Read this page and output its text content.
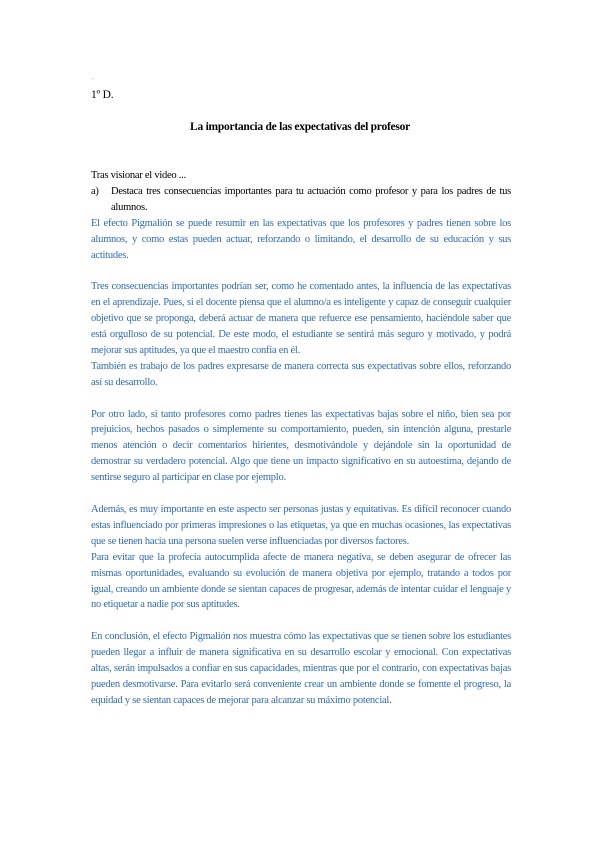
.
1º D.
La importancia de las expectativas del profesor

Tras visionar el video ...

a)	Destaca tres consecuencias importantes para tu actuación como profesor y para los padres de tus alumnos.

El efecto Pigmalión se puede resumir en las expectativas que los profesores y padres tienen sobre los alumnos, y como estas pueden actuar, reforzando o limitando, el desarrollo de su educación y sus actitudes.

Tres consecuencias importantes podrían ser, como he comentado antes, la influencia de las expectativas en el aprendizaje. Pues, si el docente piensa que el alumno/a es inteligente y capaz de conseguir cualquier objetivo que se proponga, deberá actuar de manera que refuerce ese pensamiento, haciéndole saber que está orgulloso de su potencial. De este modo, el estudiante se sentirá más seguro y motivado, y podrá mejorar sus aptitudes, ya que el maestro confía en él.

También es trabajo de los padres expresarse de manera correcta sus expectativas sobre ellos, reforzando así su desarrollo.

Por otro lado, si tanto profesores como padres tienes las expectativas bajas sobre el niño, bien sea por prejuicios, hechos pasados o simplemente su comportamiento, pueden, sin intención alguna, prestarle menos atención o decir comentarios hirientes, desmotivándole y dejándole sin la oportunidad de demostrar su verdadero potencial. Algo que tiene un impacto significativo en su autoestima, dejando de sentirse seguro al participar en clase por ejemplo.

Además, es muy importante en este aspecto ser personas justas y equitativas. Es difícil reconocer cuando estas influenciado por primeras impresiones o las etiquetas, ya que en muchas ocasiones, las expectativas que se tienen hacia una persona suelen verse influenciadas por diversos factores.

Para evitar que la profecía autocumplida afecte de manera negativa, se deben asegurar de ofrecer las mismas oportunidades, evaluando su evolución de manera objetiva por ejemplo, tratando a todos por igual, creando un ambiente donde se sientan capaces de progresar, además de intentar cuidar el lenguaje y no etiquetar a nadie por sus aptitudes.

En conclusión, el efecto Pigmalión nos muestra cómo las expectativas que se tienen sobre los estudiantes pueden llegar a influir de manera significativa en su desarrollo escolar y emocional. Con expectativas altas, serán impulsados a confiar en sus capacidades, mientras que por el contrario, con expectativas bajas pueden desmotivarse. Para evitarlo será conveniente crear un ambiente donde se fomente el progreso, la equidad y se sientan capaces de mejorar para alcanzar su máximo potencial.
